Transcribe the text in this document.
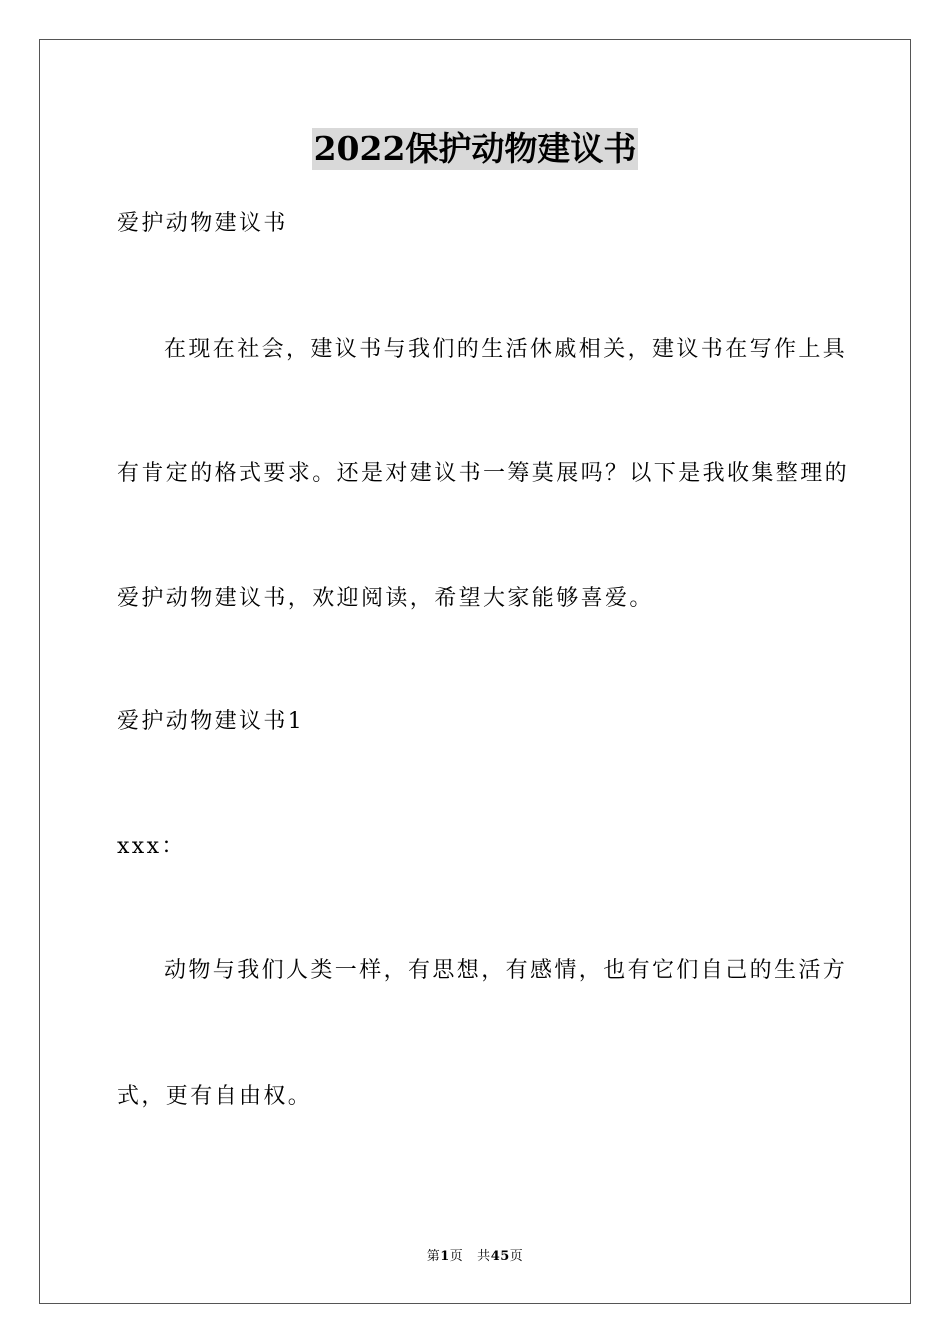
2022保护动物建议书
爱护动物建议书
在现在社会，建议书与我们的生活休戚相关，建议书在写作上具
有肯定的格式要求。还是对建议书一筹莫展吗？以下是我收集整理的
爱护动物建议书，欢迎阅读，希望大家能够喜爱。
爱护动物建议书1
xxx：
动物与我们人类一样，有思想，有感情，也有它们自己的生活方
式，更有自由权。
第1页 共45页
